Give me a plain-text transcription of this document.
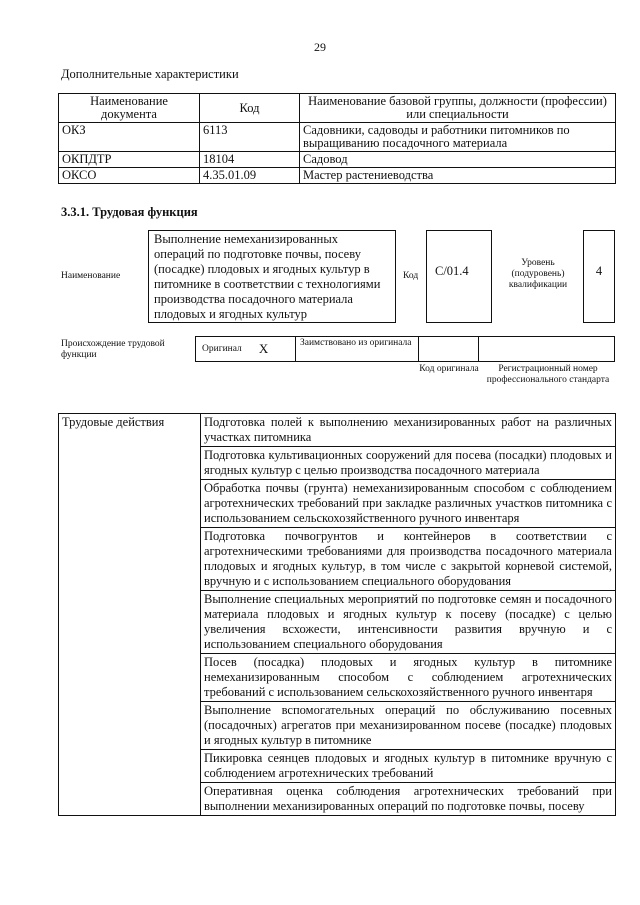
29
Дополнительные характеристики
Наименование документа	Код	Наименование базовой группы, должности (профессии) или специальности
ОКЗ	6113	Садовники, садоводы и работники питомников по выращиванию посадочного материала
ОКПДТР	18104	Садовод
ОКСО	4.35.01.09	Мастер растениеводства
3.3.1. Трудовая функция
Наименование
Выполнение немеханизированных операций по подготовке почвы, посеву (посадке) плодовых и ягодных культур в питомнике в соответствии с технологиями производства посадочного материала плодовых и ягодных культур
Код	С/01.4
Уровень (подуровень) квалификации
4
Происхождение трудовой функции
Оригинал X	Заимствовано из оригинала
Код оригинала	Регистрационный номер профессионального стандарта
Трудовые действия	Подготовка полей к выполнению механизированных работ на различных участках питомника
Подготовка культивационных сооружений для посева (посадки) плодовых и ягодных культур с целью производства посадочного материала
Обработка почвы (грунта) немеханизированным способом с соблюдением агротехнических требований при закладке различных участков питомника с использованием сельскохозяйственного ручного инвентаря
Подготовка почвогрунтов и контейнеров в соответствии с агротехническими требованиями для производства посадочного материала плодовых и ягодных культур, в том числе с закрытой корневой системой, вручную и с использованием специального оборудования
Выполнение специальных мероприятий по подготовке семян и посадочного материала плодовых и ягодных культур к посеву (посадке) с целью увеличения всхожести, интенсивности развития вручную и с использованием специального оборудования
Посев (посадка) плодовых и ягодных культур в питомнике немеханизированным способом с соблюдением агротехнических требований с использованием сельскохозяйственного ручного инвентаря
Выполнение вспомогательных операций по обслуживанию посевных (посадочных) агрегатов при механизированном посеве (посадке) плодовых и ягодных культур в питомнике
Пикировка сеянцев плодовых и ягодных культур в питомнике вручную с соблюдением агротехнических требований
Оперативная оценка соблюдения агротехнических требований при выполнении механизированных операций по подготовке почвы, посеву
